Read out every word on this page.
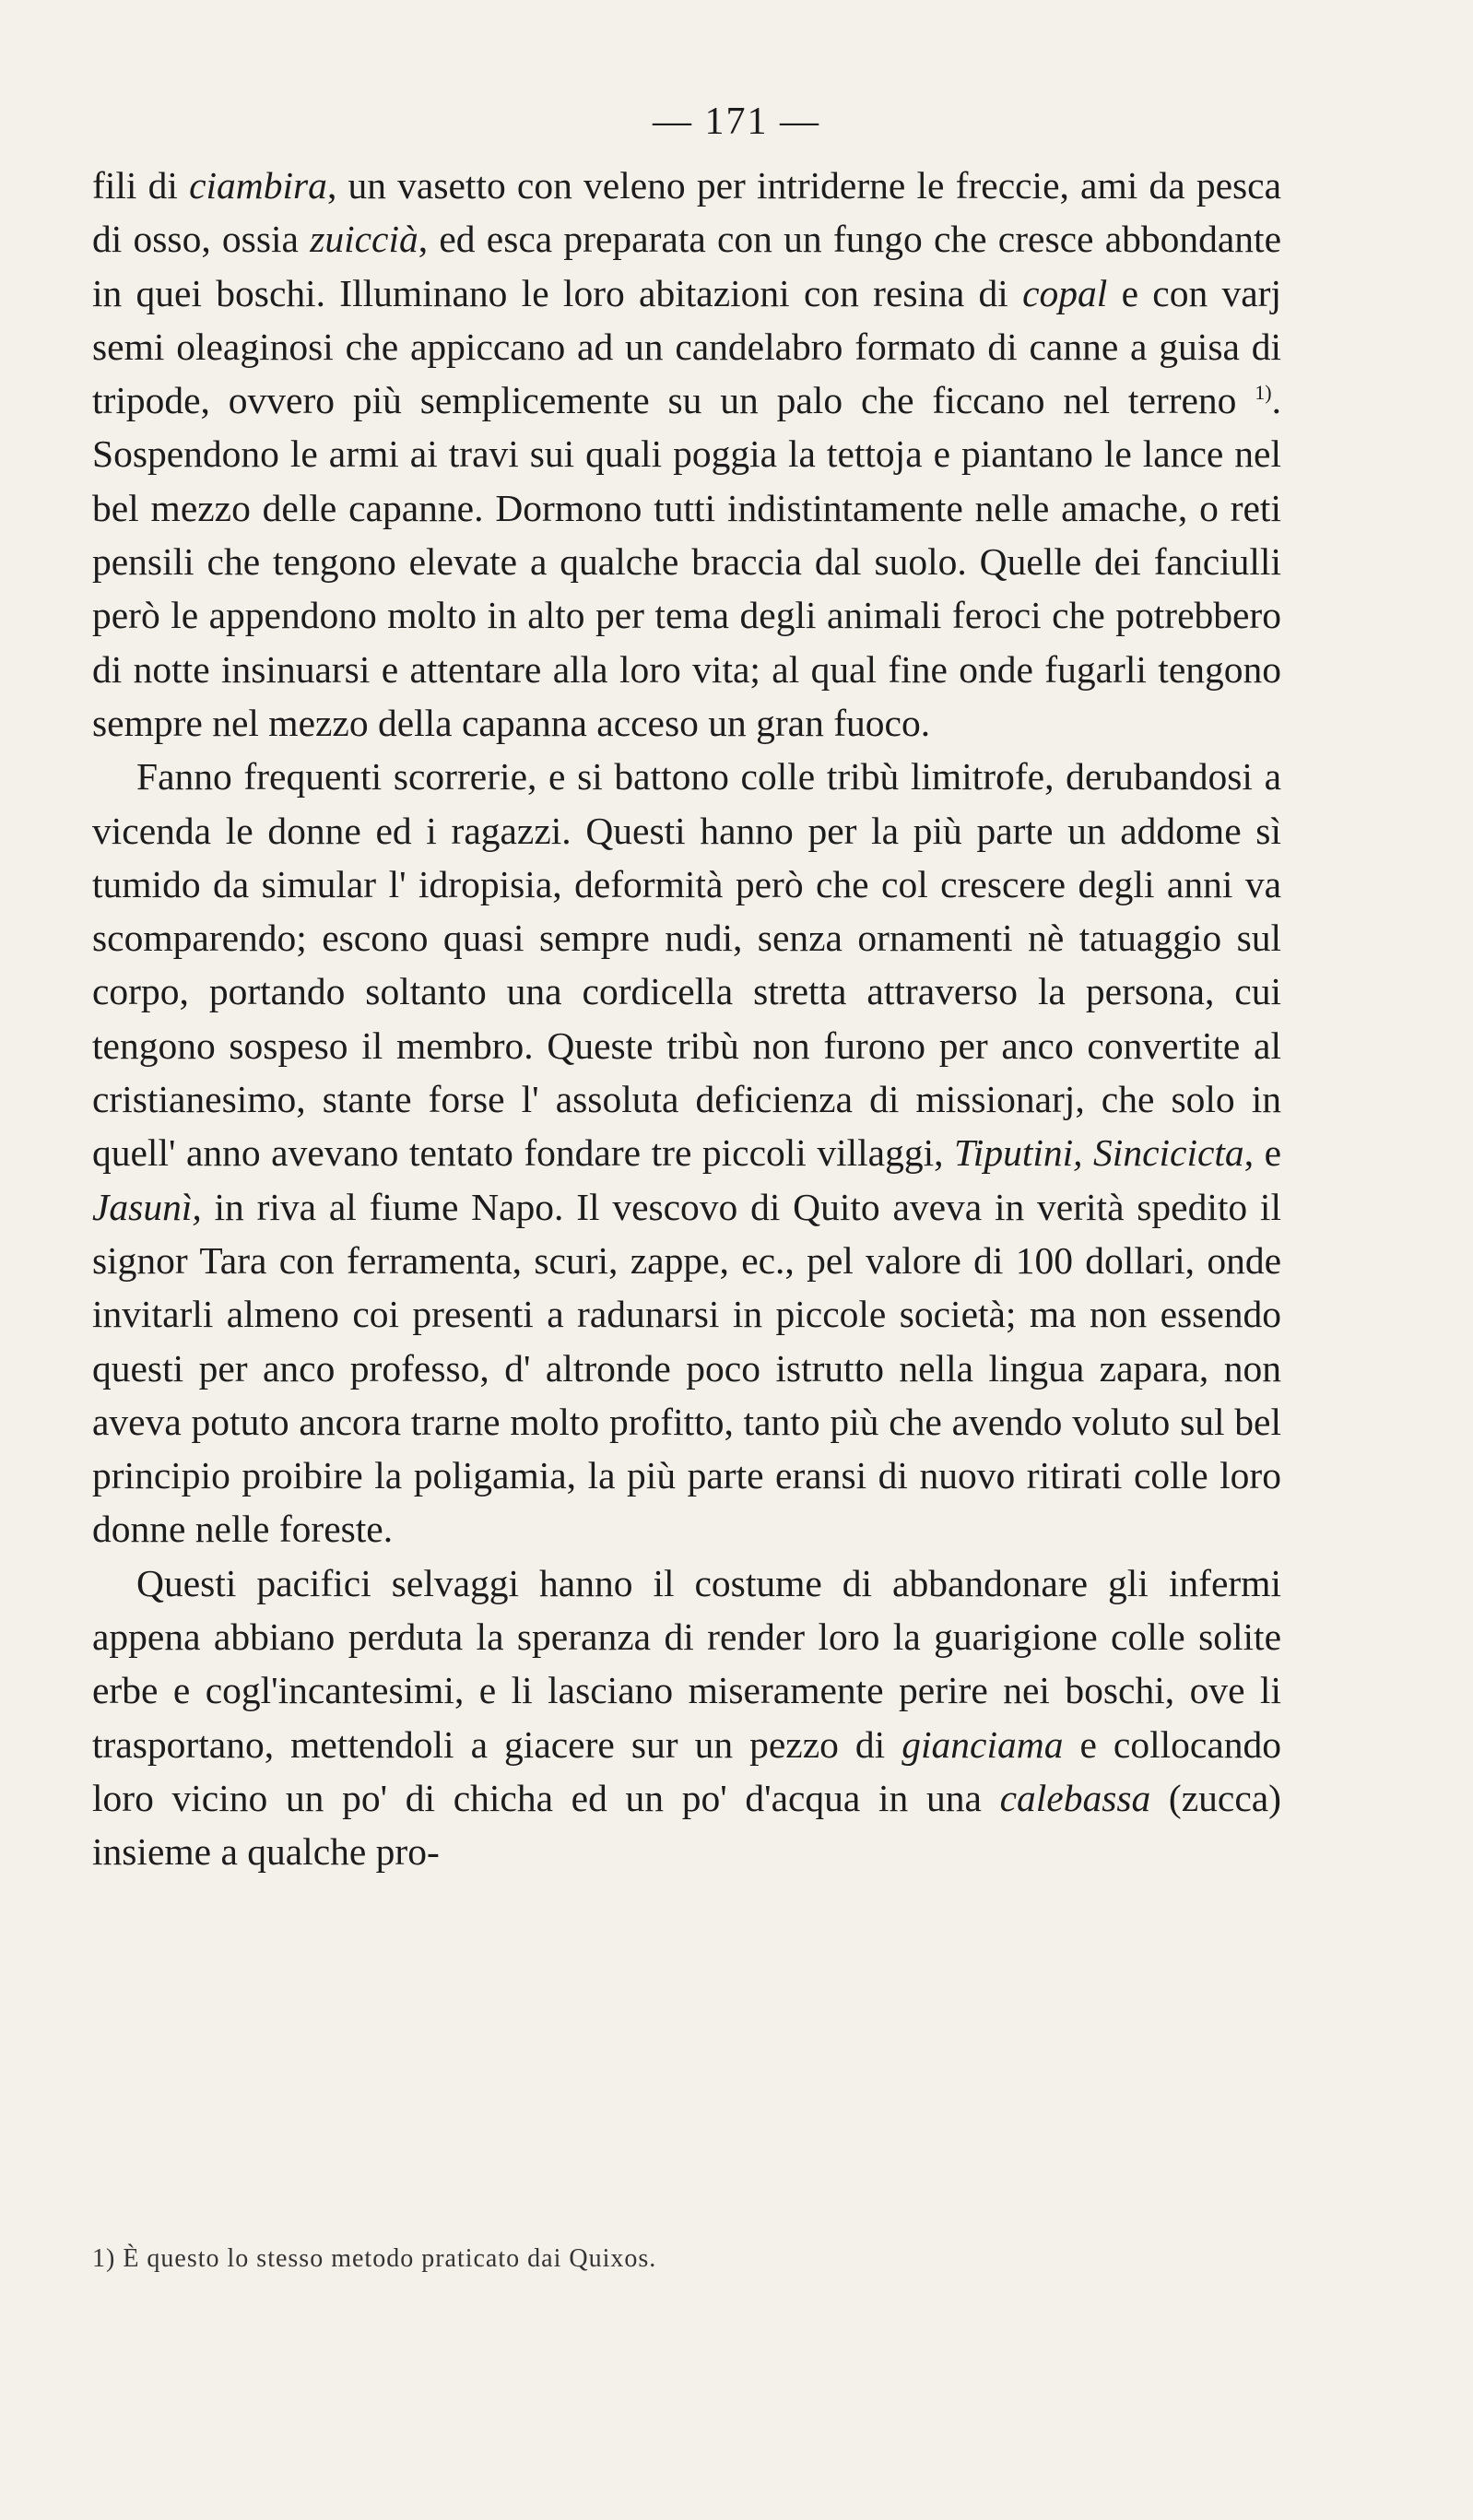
— 171 —

fili di ciambira, un vasetto con veleno per intriderne le freccie, ami da pesca di osso, ossia zuiccià, ed esca preparata con un fungo che cresce abbondante in quei boschi. Illuminano le loro abitazioni con resina di copal e con varj semi oleaginosi che appiccano ad un candelabro formato di canne a guisa di tripode, ovvero più semplicemente su un palo che ficcano nel terreno $^{1)}$. Sospendono le armi ai travi sui quali poggia la tettoja e piantano le lance nel bel mezzo delle capanne. Dormono tutti indistintamente nelle amache, o reti pensili che tengono elevate a qualche braccia dal suolo. Quelle dei fanciulli però le appendono molto in alto per tema degli animali feroci che potrebbero di notte insinuarsi e attentare alla loro vita; al qual fine onde fugarli tengono sempre nel mezzo della capanna acceso un gran fuoco.

Fanno frequenti scorrerie, e si battono colle tribù limitrofe, derubandosi a vicenda le donne ed i ragazzi. Questi hanno per la più parte un addome sì tumido da simular l' idropisia, deformità però che col crescere degli anni va scomparendo; escono quasi sempre nudi, senza ornamenti nè tatuaggio sul corpo, portando soltanto una cordicella stretta attraverso la persona, cui tengono sospeso il membro. Queste tribù non furono per anco convertite al cristianesimo, stante forse l' assoluta deficienza di missionarj, che solo in quell' anno avevano tentato fondare tre piccoli villaggi, Tiputini, Sincicicta, e Jasunì, in riva al fiume Napo. Il vescovo di Quito aveva in verità spedito il signor Tara con ferramenta, scuri, zappe, ec., pel valore di 100 dollari, onde invitarli almeno coi presenti a radunarsi in piccole società; ma non essendo questi per anco professo, d' altronde poco istrutto nella lingua zapara, non aveva potuto ancora trarne molto profitto, tanto più che avendo voluto sul bel principio proibire la poligamia, la più parte eransi di nuovo ritirati colle loro donne nelle foreste.

Questi pacifici selvaggi hanno il costume di abbandonare gli infermi appena abbiano perduta la speranza di render loro la guarigione colle solite erbe e cogl'incantesimi, e li lasciano miseramente perire nei boschi, ove li trasportano, mettendoli a giacere sur un pezzo di gianciama e collocando loro vicino un po' di chicha ed un po' d'acqua in una calebassa (zucca) insieme a qualche pro-

1) È questo lo stesso metodo praticato dai Quixos.
